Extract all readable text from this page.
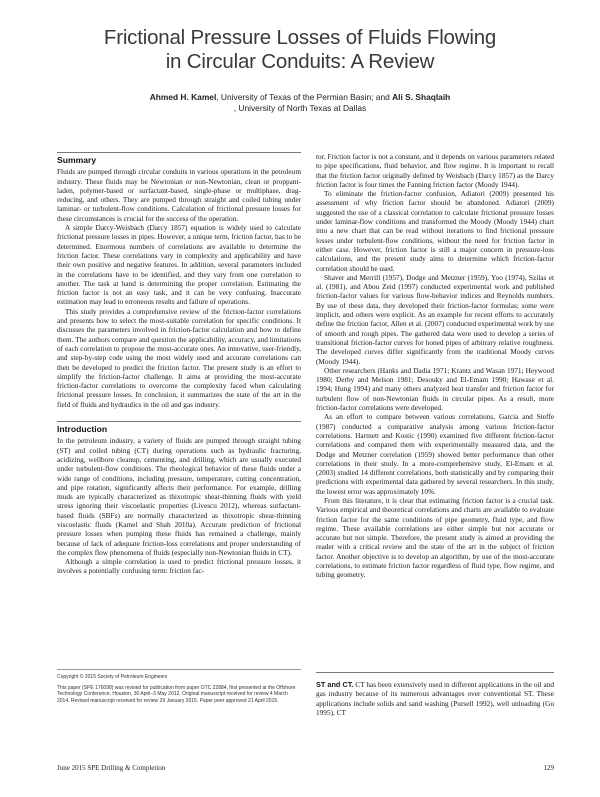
Frictional Pressure Losses of Fluids Flowing
in Circular Conduits: A Review
Ahmed H. Kamel, University of Texas of the Permian Basin; and Ali S. Shaqlaih
, University of North Texas at Dallas
Summary

Fluids are pumped through circular conduits in various operations in the petroleum industry. These fluids may be Newtonian or non-Newtonian, clean or proppant-laden, polymer-based or surfactant-based, single-phase or multiphase, drag-reducing, and others. They are pumped through straight and coiled tubing under laminar- or turbulent-flow conditions. Calculation of frictional pressure losses for these circumstances is crucial for the success of the operation.

A simple Darcy-Weisbach (Darcy 1857) equation is widely used to calculate frictional pressure losses in pipes. However, a unique term, friction factor, has to be determined. Enormous numbers of correlations are available to determine the friction factor. These correlations vary in complexity and applicability and have their own positive and negative features. In addition, several parameters included in the correlations have to be identified, and they vary from one correlation to another. The task at hand is determining the proper correlation. Estimating the friction factor is not an easy task, and it can be very confusing. Inaccurate estimation may lead to erroneous results and failure of operations.

This study provides a comprehensive review of the friction-factor correlations and presents how to select the most-suitable correlation for specific conditions. It discusses the parameters involved in friction-factor calculation and how to define them. The authors compare and question the applicability, accuracy, and limitations of each correlation to propose the most-accurate ones. An innovative, user-friendly, and step-by-step code using the most widely used and accurate correlations can then be developed to predict the friction factor. The present study is an effort to simplify the friction-factor challenge. It aims at providing the most-accurate friction-factor correlations to overcome the complexity faced when calculating frictional pressure losses. In conclusion, it summarizes the state of the art in the field of fluids and hydraulics in the oil and gas industry.

Introduction

In the petroleum industry, a variety of fluids are pumped through straight tubing (ST) and coiled tubing (CT) during operations such as hydraulic fracturing, acidizing, wellbore cleanup, cementing, and drilling, which are usually executed under turbulent-flow conditions. The rheological behavior of these fluids under a wide range of conditions, including pressure, temperature, cutting concentration, and pipe rotation, significantly affects their performance. For example, drilling muds are typically characterized as thixotropic shear-thinning fluids with yield stress ignoring their viscoelastic properties (Livescu 2012), whereas surfactant-based fluids (SBFs) are normally characterized as thixotropic shear-thinning viscoelastic fluids (Kamel and Shah 2010a). Accurate prediction of frictional pressure losses when pumping these fluids has remained a challenge, mainly because of lack of adequate friction-loss correlations and proper understanding of the complex flow phenomena of fluids (especially non-Newtonian fluids in CT).

Although a simple correlation is used to predict frictional pressure losses, it involves a potentially confusing term: friction fac-

Copyright © 2015 Society of Petroleum Engineers

This paper (SPE 176098) was revised for publication from paper OTC 22884, first presented at the Offshore Technology Conference, Houston, 30 April–3 May 2012. Original manuscript received for review 4 March 2014. Revised manuscript received for review 29 January 2015. Paper peer approved 21 April 2015.

tor. Friction factor is not a constant, and it depends on various parameters related to pipe specifications, fluid behavior, and flow regime. It is important to recall that the friction factor originally defined by Weisbach (Darcy 1857) as the Darcy friction factor is four times the Fanning friction factor (Moody 1944).

To eliminate the friction-factor confusion, Adiatori (2009) presented his assessment of why friction factor should be abandoned. Adiatori (2009) suggested the use of a classical correlation to calculate frictional pressure losses under laminar-flow conditions and transformed the Moody (Moody 1944) chart into a new chart that can be read without iterations to find frictional pressure losses under turbulent-flow conditions, without the need for friction factor in either case. However, friction factor is still a major concern in pressure-loss calculations, and the present study aims to determine which friction-factor correlation should be used.

Shaver and Merrill (1957), Dodge and Metzner (1959), Yoo (1974), Szilas et al. (1981), and Abou Zeid (1997) conducted experimental work and published friction-factor values for various flow-behavior indices and Reynolds numbers. By use of these data, they developed their friction-factor formulas; some were implicit, and others were explicit. As an example for recent efforts to accurately define the friction factor, Allen et al. (2007) conducted experimental work by use of smooth and rough pipes. The gathered data were used to develop a series of transitional friction-factor curves for honed pipes of arbitrary relative roughness. The developed curves differ significantly from the traditional Moody curves (Moody 1944).

Other researchers (Hanks and Dadia 1971; Krantz and Wasan 1971; Heywood 1980; Derby and Melson 1981; Desouky and El-Emam 1990; Hawase et al. 1994; Hung 1994) and many others analyzed heat transfer and friction factor for turbulent flow of non-Newtonian fluids in circular pipes. As a result, more friction-factor correlations were developed.

As an effort to compare between various correlations, Garcia and Steffe (1987) conducted a comparative analysis among various friction-factor correlations. Hartnett and Kostic (1990) examined five different friction-factor correlations and compared them with experimentally measured data, and the Dodge and Metzner correlation (1959) showed better performance than other correlations in their study. In a more-comprehensive study, El-Emam et al. (2003) studied 14 different correlations, both statistically and by comparing their predictions with experimental data gathered by several researchers. In this study, the lowest error was approximately 10%.

From this literature, it is clear that estimating friction factor is a crucial task. Various empirical and theoretical correlations and charts are available to evaluate friction factor for the same conditions of pipe geometry, fluid type, and flow regime. These available correlations are either simple but not accurate or accurate but not simple. Therefore, the present study is aimed at providing the reader with a critical review and the state of the art in the subject of friction factor. Another objective is to develop an algorithm, by use of the most-accurate correlations, to estimate friction factor regardless of fluid type, flow regime, and tubing geometry.

ST and CT. CT has been extensively used in different applications in the oil and gas industry because of its numerous advantages over conventional ST. These applications include solids and sand washing (Pursell 1992), well unloading (Gu 1995), CT
June 2015 SPE Drilling & Completion	129
